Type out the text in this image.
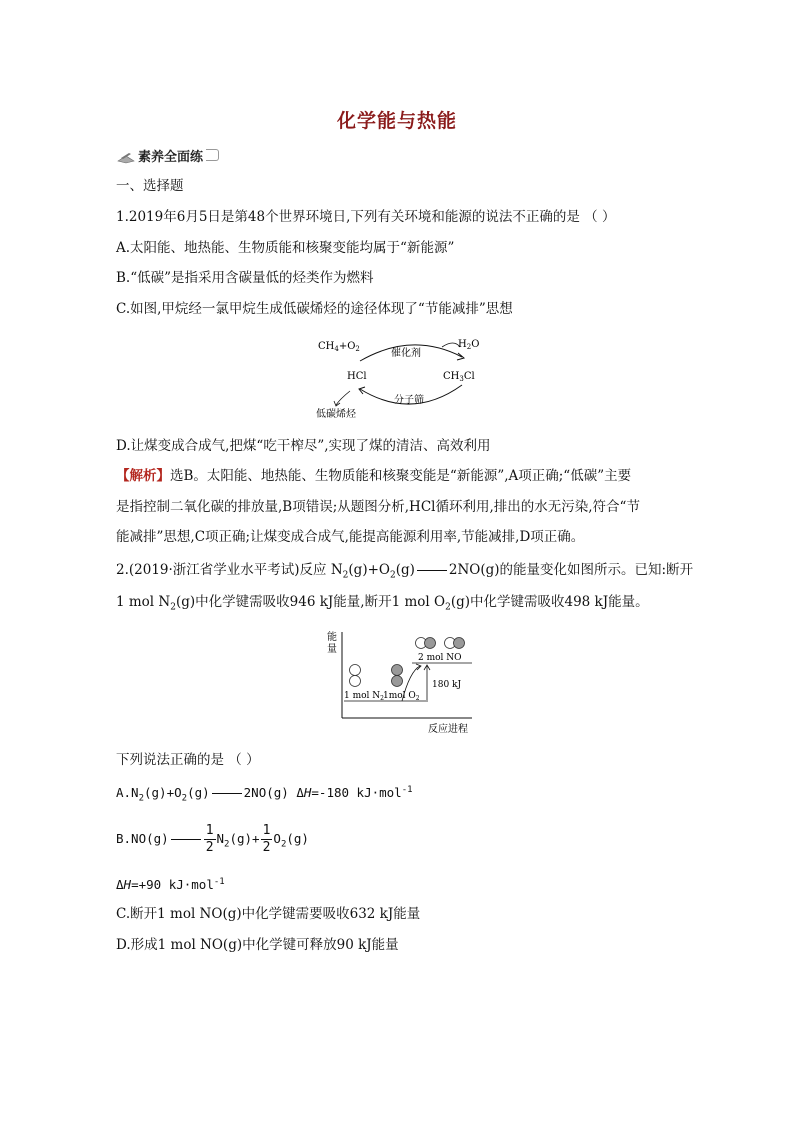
化学能与热能
素养全面练
一、选择题
1.2019年6月5日是第48个世界环境日,下列有关环境和能源的说法不正确的是 （ ）
A.太阳能、地热能、生物质能和核聚变能均属于“新能源”
B.“低碳”是指采用含碳量低的烃类作为燃料
C.如图,甲烷经一氯甲烷生成低碳烯烃的途径体现了“节能减排”思想
$CH_4+O_2$	催化剂
$H_2O$
HCl	$CH_3Cl$
分子筛
低碳烯烃
D.让煤变成合成气,把煤“吃干榨尽”,实现了煤的清洁、高效利用
【解析】选B。太阳能、地热能、生物质能和核聚变能是“新能源”,A项正确;“低碳”主要
是指控制二氧化碳的排放量,B项错误;从题图分析,HCl循环利用,排出的水无污染,符合“节
能减排”思想,C项正确;让煤变成合成气,能提高能源利用率,节能减排,D项正确。
2.(2019·浙江省学业水平考试)反应 $N_2(g)+O_2(g)$	2NO(g)的能量变化如图所示。已知:断开
1 mol $N_2(g)$中化学键需吸收946 kJ能量,断开1 mol $O_2(g)$中化学键需吸收498 kJ能量。
能
量
反应进程
1 mol $N_2$ 1mol $O_2$
2 mol NO
180 kJ
下列说法正确的是 （ ）
$A.N_2(g)+O_2(g)$	2NO(g) ΔH=-180 kJ·mol$^{-1}$
B.NO(g)	$\frac{1}{2} N_2(g)+ \frac{1}{2} O_2(g)$
ΔH=+90 kJ·mol$^{-1}$
C.断开1 mol NO(g)中化学键需要吸收632 kJ能量
D.形成1 mol NO(g)中化学键可释放90 kJ能量
